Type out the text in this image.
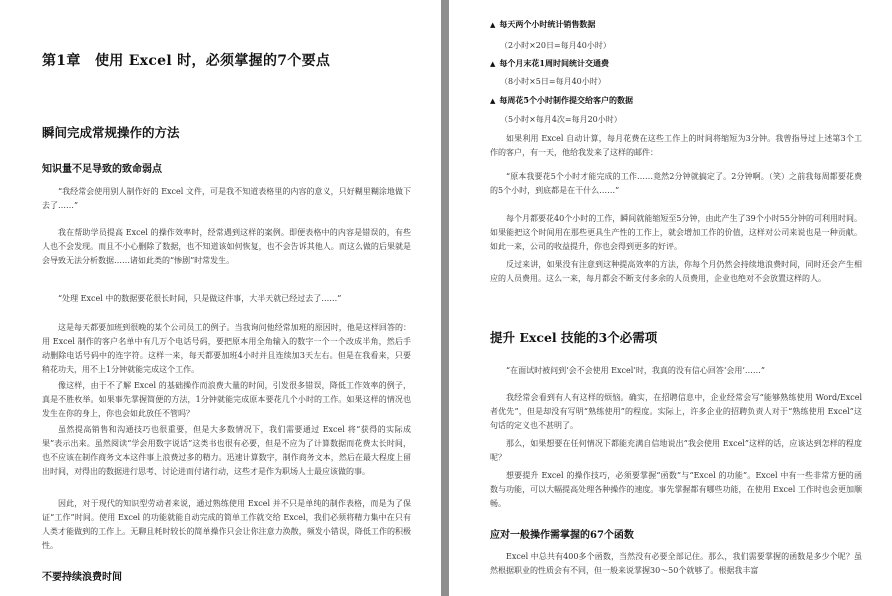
第1章　使用 Excel 时，必须掌握的7个要点
瞬间完成常规操作的方法
知识量不足导致的致命弱点
“我经常会使用别人制作好的 Excel 文件，可是我不知道表格里的内容的意义，只好糊里糊涂地做下去了……”
我在帮助学员提高 Excel 的操作效率时，经常遇到这样的案例。即便表格中的内容是错误的，有些人也不会发现。而且不小心删除了数据，也不知道该如何恢复，也不会告诉其他人。而这么做的后果就是会导致无法分析数据……诸如此类的“惨剧”时常发生。
“处理 Excel 中的数据要花很长时间，只是做这件事，大半天就已经过去了……”
这是每天都要加班到很晚的某个公司员工的例子。当我询问他经常加班的原因时，他是这样回答的：用 Excel 制作的客户名单中有几万个电话号码，要把原本用全角输入的数字一个一个改成半角，然后手动删除电话号码中的连字符。这样一来，每天都要加班4小时并且连续加3天左右。但是在我看来，只要稍花功夫，用不上1分钟就能完成这个工作。
像这样，由于不了解 Excel 的基础操作而浪费大量的时间，引发很多错误，降低工作效率的例子，真是不胜枚举。如果事先掌握简便的方法，1分钟就能完成原本要花几个小时的工作。如果这样的情况也发生在你的身上，你也会如此放任不管吗？
虽然提高销售和沟通技巧也很重要，但是大多数情况下，我们需要通过 Excel 将“获得的实际成果”表示出来。虽然阅读“学会用数字说话”这类书也很有必要，但是不应为了计算数据而花费太长时间，也不应该在制作商务文本这件事上浪费过多的精力。迅速计算数字，制作商务文本，然后在最大程度上留出时间，对得出的数据进行思考、讨论进而付诸行动，这些才是作为职场人士最应该做的事。
因此，对于现代的知识型劳动者来说，通过熟练使用 Excel 并不只是单纯的制作表格，而是为了保证“工作”时间。使用 Excel 的功能就能自动完成的简单工作就交给 Excel，我们必须将精力集中在只有人类才能做到的工作上。无聊且耗时较长的简单操作只会让你注意力涣散，频发小错误，降低工作的积极性。
不要持续浪费时间
▲ 每天两个小时统计销售数据
（2小时×20日=每月40小时）
▲ 每个月末花1周时间统计交通费
（8小时×5日=每月40小时）
▲ 每周花5个小时制作提交给客户的数据
（5小时×每月4次=每月20小时）
如果利用 Excel 自动计算，每月花费在这些工作上的时间将缩短为3分钟。我曾指导过上述第3个工作的客户，有一天，他给我发来了这样的邮件：
“原本我要花5个小时才能完成的工作……竟然2分钟就搞定了。2分钟啊。（笑）之前我每周都要花费的5个小时，到底都是在干什么……”
每个月都要花40个小时的工作，瞬间就能缩短至5分钟，由此产生了39个小时55分钟的可利用时间。如果能把这个时间用在那些更具生产性的工作上，就会增加工作的价值，这样对公司来说也是一种贡献。如此一来，公司的收益提升，你也会得到更多的好评。
反过来讲，如果没有注意到这种提高效率的方法，你每个月仍然会持续地浪费时间，同时还会产生相应的人员费用。这么一来，每月都会不断支付多余的人员费用，企业也绝对不会放置这样的人。
提升 Excel 技能的3个必需项
“在面试时被问到‘会不会使用 Excel’时，我真的没有信心回答‘会用’……”
我经常会看到有人有这样的烦恼。确实，在招聘信息中，企业经常会写“能够熟练使用 Word/Excel 者优先”，但是却没有写明“熟练使用”的程度。实际上，许多企业的招聘负责人对于“熟练使用 Excel”这句话的定义也不甚明了。
那么，如果想要在任何情况下都能充满自信地说出“我会使用 Excel”这样的话，应该达到怎样的程度呢？
想要提升 Excel 的操作技巧，必须要掌握“函数”与“Excel 的功能”。Excel 中有一些非常方便的函数与功能，可以大幅提高处理各种操作的速度。事先掌握都有哪些功能，在使用 Excel 工作时也会更加顺畅。
应对一般操作需掌握的67个函数
Excel 中总共有400多个函数，当然没有必要全部记住。那么，我们需要掌握的函数是多少个呢？虽然根据职业的性质会有不同，但一般来说掌握30～50个就够了。根据我丰富
